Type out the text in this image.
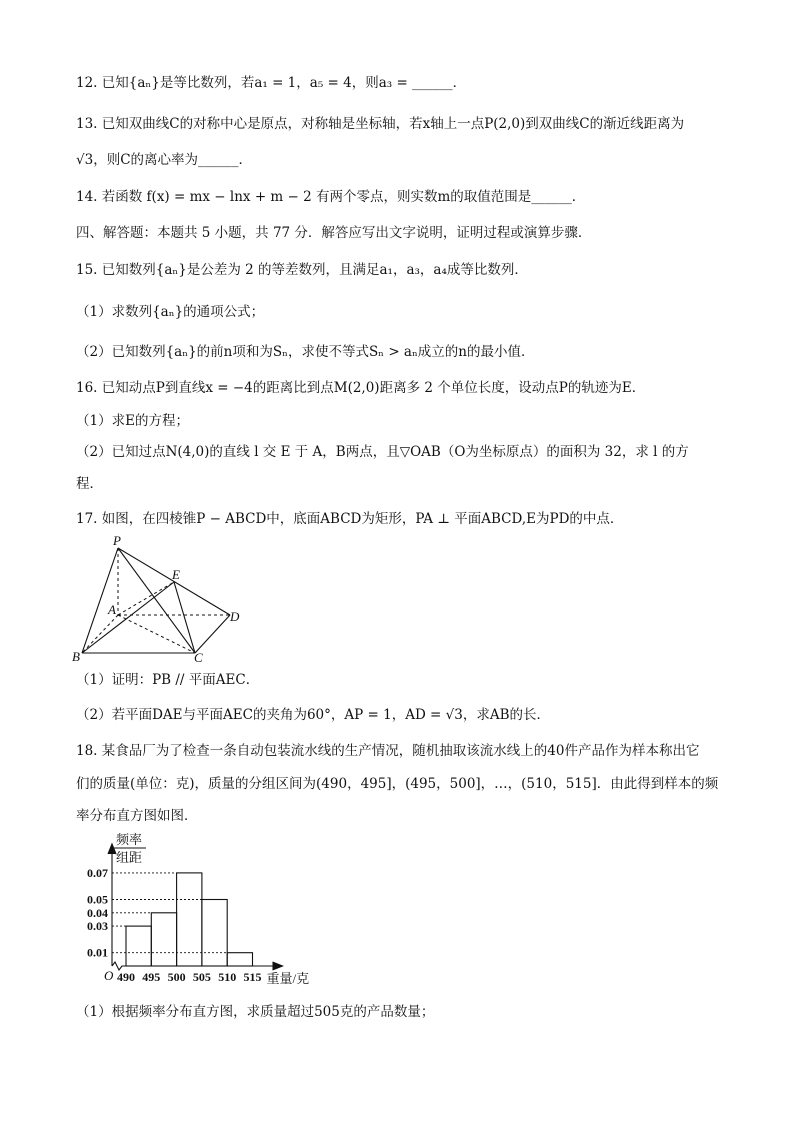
12. 已知{aₙ}是等比数列，若a₁ = 1，a₅ = 4，则a₃ = ______．
13. 已知双曲线C的对称中心是原点，对称轴是坐标轴，若x轴上一点P(2,0)到双曲线C的渐近线距离为
√3，则C的离心率为______．
14. 若函数 f(x) = mx − lnx + m − 2 有两个零点，则实数m的取值范围是______．
四、解答题：本题共 5 小题，共 77 分．解答应写出文字说明，证明过程或演算步骤．
15. 已知数列{aₙ}是公差为 2 的等差数列，且满足a₁，a₃，a₄成等比数列．
（1）求数列{aₙ}的通项公式；
（2）已知数列{aₙ}的前n项和为Sₙ，求使不等式Sₙ > aₙ成立的n的最小值．
16. 已知动点P到直线x = −4的距离比到点M(2,0)距离多 2 个单位长度，设动点P的轨迹为E．
（1）求E的方程；
（2）已知过点N(4,0)的直线 l 交 E 于 A，B两点，且▽OAB（O为坐标原点）的面积为 32，求 l 的方
程．
17. 如图，在四棱锥P − ABCD中，底面ABCD为矩形，PA ⊥ 平面ABCD,E为PD的中点．
P
E
A	D
B	C
（1）证明：PB // 平面AEC．
（2）若平面DAE与平面AEC的夹角为60°，AP = 1，AD = √3，求AB的长．
18. 某食品厂为了检查一条自动包装流水线的生产情况，随机抽取该流水线上的40件产品作为样本称出它
们的质量(单位：克)，质量的分组区间为(490，495]，(495，500]，…，(510，515]．由此得到样本的频
率分布直方图如图．
频率
组距
0.07
0.05
0.04
0.03
0.01
490 495 500 505 510 515
O	重量/克
（1）根据频率分布直方图，求质量超过505克的产品数量；
